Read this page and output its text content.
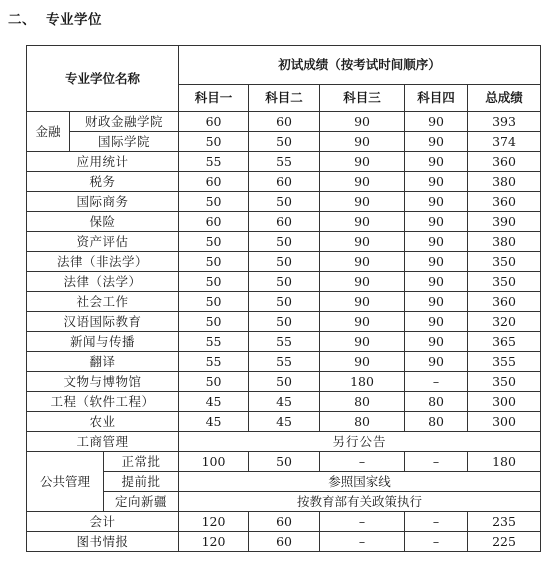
二、 专业学位
专业学位名称			初试成绩（按考试时间顺序）				
			科目一	科目二	科目三	科目四	总成绩
金融	财政金融学院		60	60	90	90	393
	国际学院		50	50	90	90	374
应用统计			55	55	90	90	360
税务			60	60	90	90	380
国际商务			50	50	90	90	360
保险			60	60	90	90	390
资产评估			50	50	90	90	380
法律（非法学）			50	50	90	90	350
法律（法学）			50	50	90	90	350
社会工作			50	50	90	90	360
汉语国际教育			50	50	90	90	320
新闻与传播			55	55	90	90	365
翻译			55	55	90	90	355
文物与博物馆			50	50	180	–	350
工程（软件工程）			45	45	80	80	300
农业			45	45	80	80	300
工商管理			另行公告				
公共管理		正常批	100	50	–	–	180
		提前批	参照国家线				
		定向新疆	按教育部有关政策执行				
会计			120	60	–	–	235
图书情报			120	60	–	–	225
